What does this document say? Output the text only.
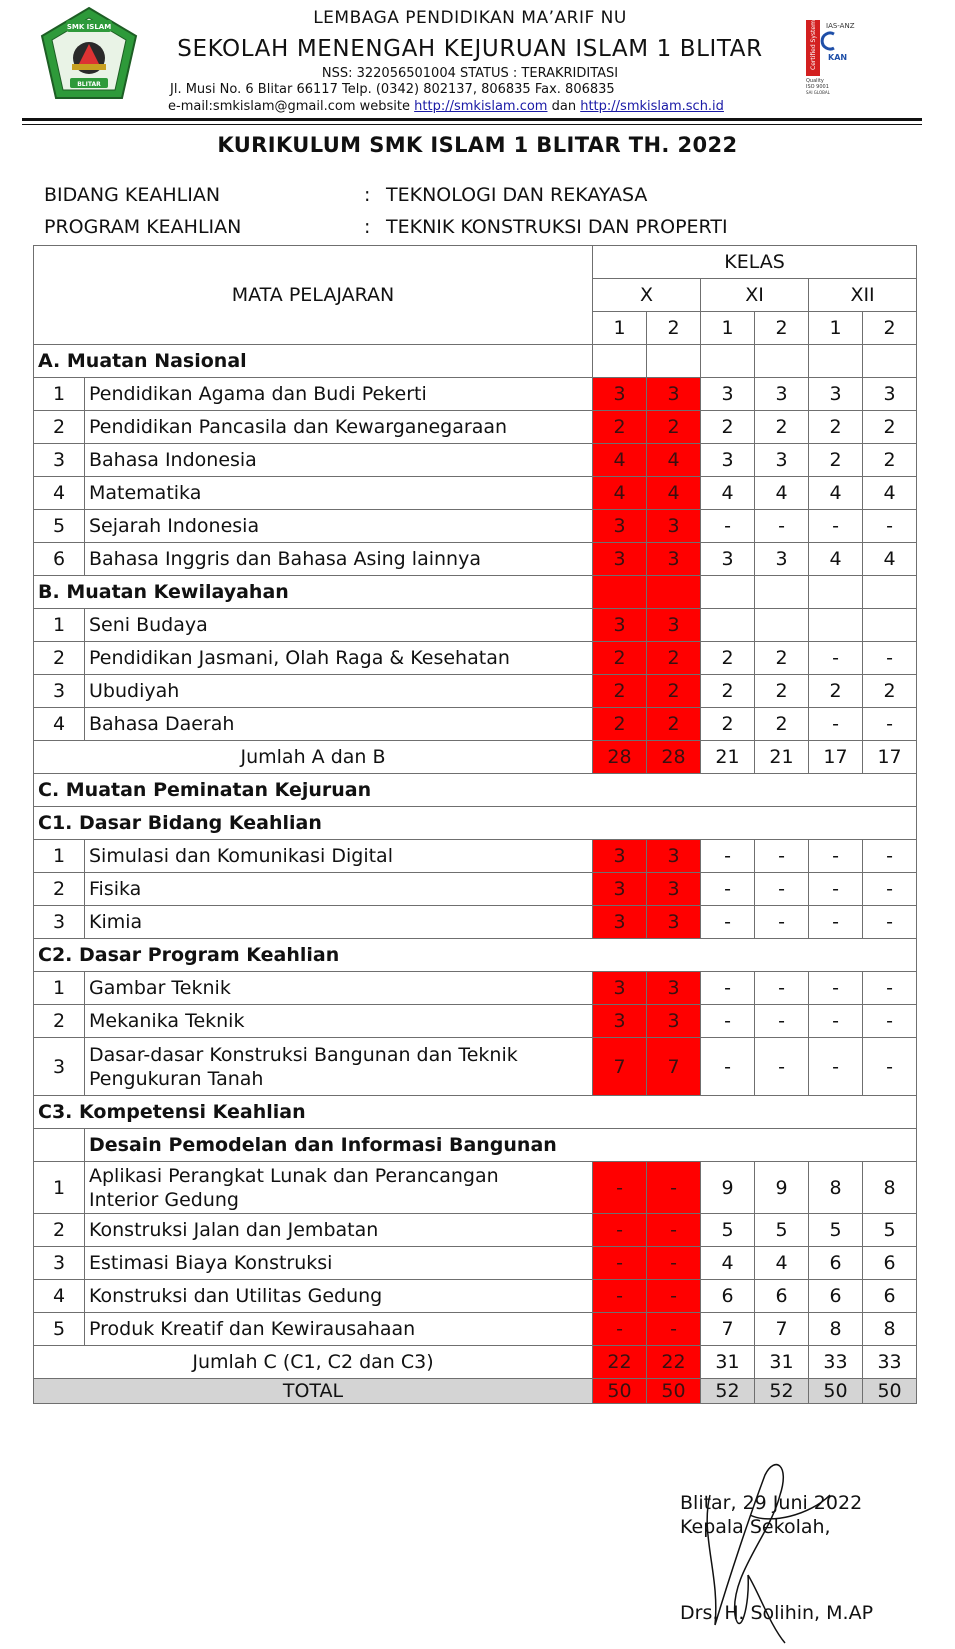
SMK ISLAM
BLITAR
LEMBAGA PENDIDIKAN MA’ARIF NU
SEKOLAH MENENGAH KEJURUAN ISLAM 1 BLITAR
NSS: 322056501004 STATUS : TERAKRIDITASI
Jl. Musi No. 6 Blitar 66117 Telp. (0342) 802137, 806835 Fax. 806835
e-mail:smkislam@gmail.com website http://smkislam.com dan http://smkislam.sch.id
Certified System IAS-ANZ
KAN
Quality
ISO 9001
SAI GLOBAL
KURIKULUM SMK ISLAM 1 BLITAR TH. 2022
BIDANG KEAHLIAN	: TEKNOLOGI DAN REKAYASA
PROGRAM KEAHLIAN	: TEKNIK KONSTRUKSI DAN PROPERTI
MATA PELAJARAN		KELAS					
		X		XI		XII	
		1	2	1	2	1	2
A. Muatan Nasional							
1	Pendidikan Agama dan Budi Pekerti	3	3	3	3	3	3
2	Pendidikan Pancasila dan Kewarganegaraan	2	2	2	2	2	2
3	Bahasa Indonesia	4	4	3	3	2	2
4	Matematika	4	4	4	4	4	4
5	Sejarah Indonesia	3	3	-	-	-	-
6	Bahasa Inggris dan Bahasa Asing lainnya	3	3	3	3	4	4
B. Muatan Kewilayahan							
1	Seni Budaya	3	3				
2	Pendidikan Jasmani, Olah Raga & Kesehatan	2	2	2	2	-	-
3	Ubudiyah	2	2	2	2	2	2
4	Bahasa Daerah	2	2	2	2	-	-
Jumlah A dan B		28	28	21	21	17	17
C. Muatan Peminatan Kejuruan							
C1. Dasar Bidang Keahlian							
1	Simulasi dan Komunikasi Digital	3	3	-	-	-	-
2	Fisika	3	3	-	-	-	-
3	Kimia	3	3	-	-	-	-
C2. Dasar Program Keahlian							
1	Gambar Teknik	3	3	-	-	-	-
2	Mekanika Teknik	3	3	-	-	-	-
3	Dasar-dasar Konstruksi Bangunan dan Teknik
Pengukuran Tanah	7	7	-	-	-	-
C3. Kompetensi Keahlian							
	Desain Pemodelan dan Informasi Bangunan						
1	Aplikasi Perangkat Lunak dan Perancangan
Interior Gedung	-	-	9	9	8	8
2	Konstruksi Jalan dan Jembatan	-	-	5	5	5	5
3	Estimasi Biaya Konstruksi	-	-	4	4	6	6
4	Konstruksi dan Utilitas Gedung	-	-	6	6	6	6
5	Produk Kreatif dan Kewirausahaan	-	-	7	7	8	8
Jumlah C (C1, C2 dan C3)		22	22	31	31	33	33
TOTAL		50	50	52	52	50	50
Blitar, 29 Juni 2022
Kepala Sekolah,
Drs. H. Solihin, M.AP
